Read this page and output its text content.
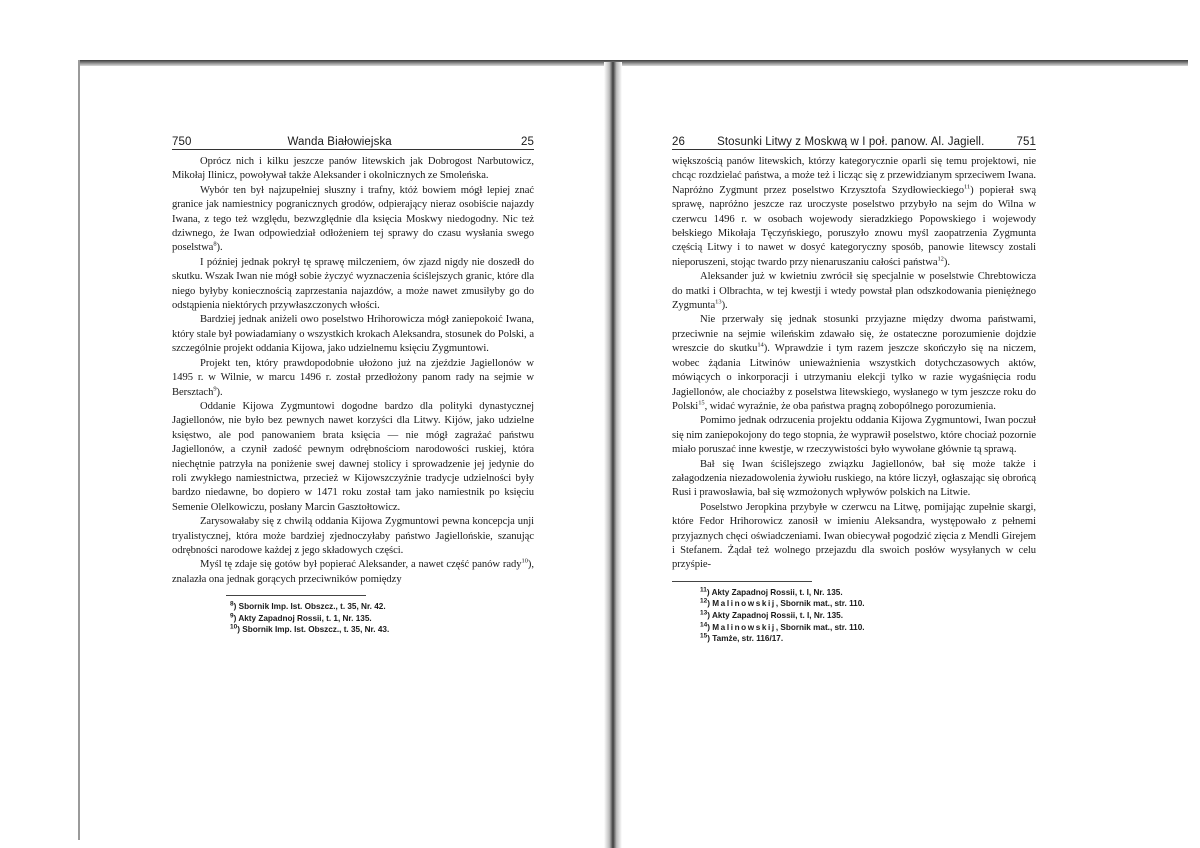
750	Wanda Białowiejska	25

Oprócz nich i kilku jeszcze panów litewskich jak Dobrogost Narbutowicz, Mikołaj Ilinicz, powoływał także Aleksander i okolnicznych ze Smoleńska.

Wybór ten był najzupełniej słuszny i trafny, któż bowiem mógł lepiej znać granice jak namiestnicy pogranicznych grodów, odpierający nieraz osobiście najazdy Iwana, z tego też względu, bezwzględnie dla księcia Moskwy niedogodny. Nic też dziwnego, że Iwan odpowiedział odłożeniem tej sprawy do czasu wysłania swego poselstwa$^8$).

I później jednak pokrył tę sprawę milczeniem, ów zjazd nigdy nie doszedł do skutku. Wszak Iwan nie mógł sobie życzyć wyznaczenia ściślejszych granic, które dla niego byłyby koniecznością zaprzestania najazdów, a może nawet zmusiłyby go do odstąpienia niektórych przywłaszczonych włości.

Bardziej jednak aniżeli owo poselstwo Hrihorowicza mógł zaniepokoić Iwana, który stale był powiadamiany o wszystkich krokach Aleksandra, stosunek do Polski, a szczególnie projekt oddania Kijowa, jako udzielnemu księciu Zygmuntowi.

Projekt ten, który prawdopodobnie ułożono już na zjeździe Jagiellonów w 1495 r. w Wilnie, w marcu 1496 r. został przedłożony panom rady na sejmie w Bersztach$^9$).

Oddanie Kijowa Zygmuntowi dogodne bardzo dla polityki dynastycznej Jagiellonów, nie było bez pewnych nawet korzyści dla Litwy. Kijów, jako udzielne księstwo, ale pod panowaniem brata księcia — nie mógł zagrażać państwu Jagiellonów, a czynił zadość pewnym odrębnościom narodowości ruskiej, która niechętnie patrzyła na poniżenie swej dawnej stolicy i sprowadzenie jej jedynie do roli zwykłego namiestnictwa, przecież w Kijowszczyźnie tradycje udzielności były bardzo niedawne, bo dopiero w 1471 roku został tam jako namiestnik po księciu Semenie Olelkowiczu, posłany Marcin Gasztołtowicz.

Zarysowałaby się z chwilą oddania Kijowa Zygmuntowi pewna koncepcja unji tryalistycznej, która może bardziej zjednoczyłaby państwo Jagiellońskie, szanując odrębności narodowe każdej z jego składowych części.

Myśl tę zdaje się gotów był popierać Aleksander, a nawet część panów rady$^{10}$), znalazła ona jednak gorących przeciwników pomiędzy

$^8$) Sbornik Imp. Ist. Obszcz., t. 35, Nr. 42.
$^9$) Akty Zapadnoj Rossii, t. 1, Nr. 135.
$^{10}$) Sbornik Imp. Ist. Obszcz., t. 35, Nr. 43.
26	Stosunki Litwy z Moskwą w I poł. panow. Al. Jagiell.	751

większością panów litewskich, którzy kategorycznie oparli się temu projektowi, nie chcąc rozdzielać państwa, a może też i licząc się z przewidzianym sprzeciwem Iwana. Napróżno Zygmunt przez poselstwo Krzysztofa Szydłowieckiego$^{11}$) popierał swą sprawę, napróżno jeszcze raz uroczyste poselstwo przybyło na sejm do Wilna w czerwcu 1496 r. w osobach wojewody sieradzkiego Popowskiego i wojewody bełskiego Mikołaja Tęczyńskiego, poruszyło znowu myśl zaopatrzenia Zygmunta częścią Litwy i to nawet w dosyć kategoryczny sposób, panowie litewscy zostali nieporuszeni, stojąc twardo przy nienaruszaniu całości państwa$^{12}$).

Aleksander już w kwietniu zwrócił się specjalnie w poselstwie Chrebtowicza do matki i Olbrachta, w tej kwestji i wtedy powstał plan odszkodowania pieniężnego Zygmunta$^{13}$).

Nie przerwały się jednak stosunki przyjazne między dwoma państwami, przeciwnie na sejmie wileńskim zdawało się, że ostateczne porozumienie dojdzie wreszcie do skutku$^{14}$). Wprawdzie i tym razem jeszcze skończyło się na niczem, wobec żądania Litwinów unieważnienia wszystkich dotychczasowych aktów, mówiących o inkorporacji i utrzymaniu elekcji tylko w razie wygaśnięcia rodu Jagiellonów, ale chociażby z poselstwa litewskiego, wysłanego w tym jeszcze roku do Polski$^{15}$, widać wyraźnie, że oba państwa pragną zobopólnego porozumienia.

Pomimo jednak odrzucenia projektu oddania Kijowa Zygmuntowi, Iwan poczuł się nim zaniepokojony do tego stopnia, że wyprawił poselstwo, które chociaż pozornie miało poruszać inne kwestje, w rzeczywistości było wywołane głównie tą sprawą.

Bał się Iwan ściślejszego związku Jagiellonów, bał się może także i załagodzenia niezadowolenia żywiołu ruskiego, na które liczył, ogłaszając się obrońcą Rusi i prawosławia, bał się wzmożonych wpływów polskich na Litwie.

Poselstwo Jeropkina przybyłe w czerwcu na Litwę, pomijając zupełnie skargi, które Fedor Hrihorowicz zanosił w imieniu Aleksandra, występowało z pełnemi przyjaznych chęci oświadczeniami. Iwan obiecywał pogodzić zięcia z Mendli Girejem i Stefanem. Żądał też wolnego przejazdu dla swoich posłów wysyłanych w celu przyśpie-

$^{11}$) Akty Zapadnoj Rossii, t. I, Nr. 135.
$^{12}$) Malinowskij, Sbornik mat., str. 110.
$^{13}$) Akty Zapadnoj Rossii, t. I, Nr. 135.
$^{14}$) Malinowskij, Sbornik mat., str. 110.
$^{15}$) Tamże, str. 116/17.
